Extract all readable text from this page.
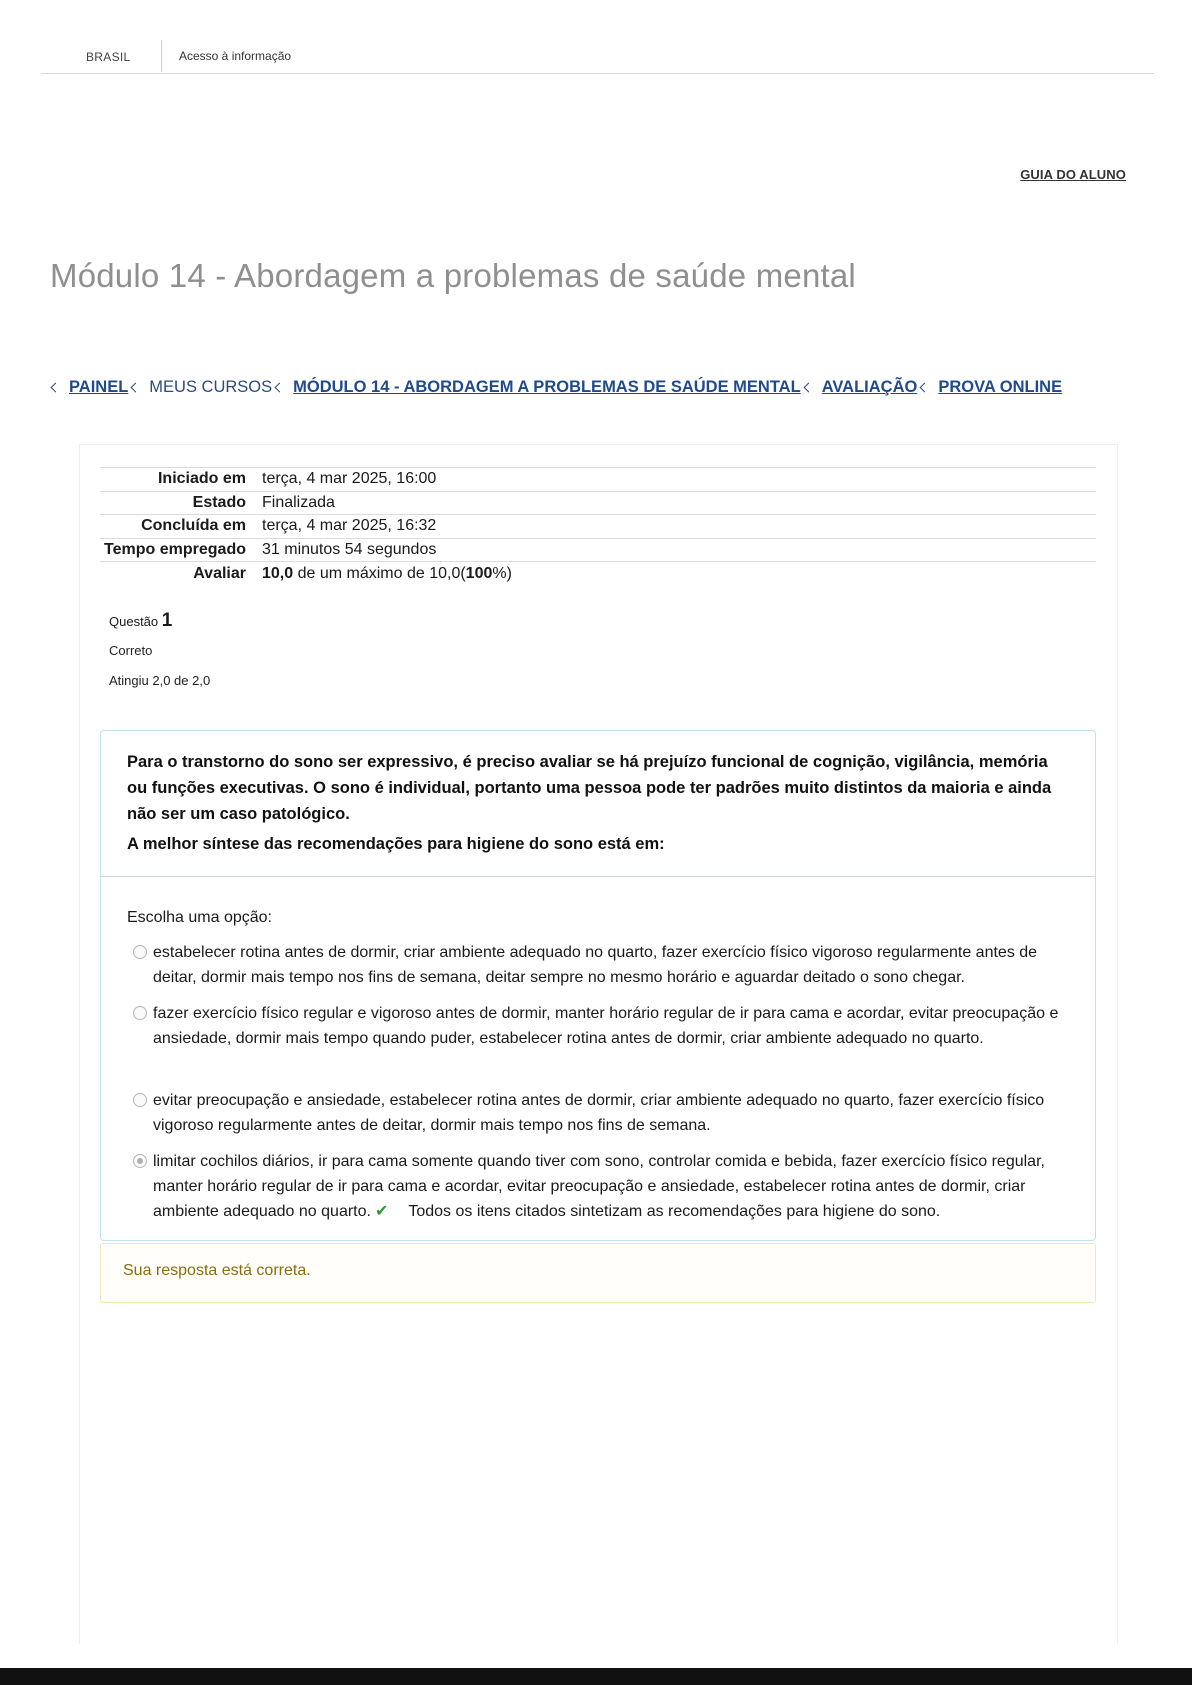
BRASIL	Acesso à informação
GUIA DO ALUNO
Módulo 14 - Abordagem a problemas de saúde mental
PAINEL MEUS CURSOS MÓDULO 14 - ABORDAGEM A PROBLEMAS DE SAÚDE MENTAL AVALIAÇÃO PROVA ONLINE
Iniciado em	terça, 4 mar 2025, 16:00
Estado	Finalizada
Concluída em	terça, 4 mar 2025, 16:32
Tempo empregado	31 minutos 54 segundos
Avaliar	10,0 de um máximo de 10,0(100%)
Questão 1
Correto
Atingiu 2,0 de 2,0
Para o transtorno do sono ser expressivo, é preciso avaliar se há prejuízo funcional de cognição, vigilância, memória ou funções executivas. O sono é individual, portanto uma pessoa pode ter padrões muito distintos da maioria e ainda não ser um caso patológico.
A melhor síntese das recomendações para higiene do sono está em:
Escolha uma opção:
estabelecer rotina antes de dormir, criar ambiente adequado no quarto, fazer exercício físico vigoroso regularmente antes de deitar, dormir mais tempo nos fins de semana, deitar sempre no mesmo horário e aguardar deitado o sono chegar.
fazer exercício físico regular e vigoroso antes de dormir, manter horário regular de ir para cama e acordar, evitar preocupação e ansiedade, dormir mais tempo quando puder, estabelecer rotina antes de dormir, criar ambiente adequado no quarto.
evitar preocupação e ansiedade, estabelecer rotina antes de dormir, criar ambiente adequado no quarto, fazer exercício físico vigoroso regularmente antes de deitar, dormir mais tempo nos fins de semana.
limitar cochilos diários, ir para cama somente quando tiver com sono, controlar comida e bebida, fazer exercício físico regular, manter horário regular de ir para cama e acordar, evitar preocupação e ansiedade, estabelecer rotina antes de dormir, criar ambiente adequado no quarto. ✔ Todos os itens citados sintetizam as recomendações para higiene do sono.
Sua resposta está correta.
